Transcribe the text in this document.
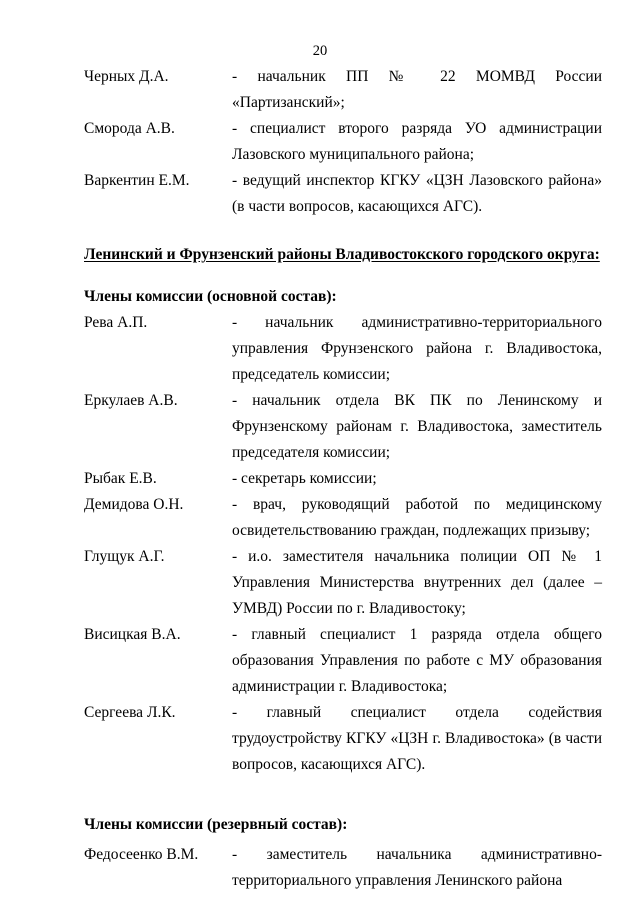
20
Черных Д.А.	- начальник ПП № 22 МОМВД России «Партизанский»;
Смородa А.В.	- специалист второго разряда УО администрации Лазовского муниципального района;
Варкентин Е.М.	- ведущий инспектор КГКУ «ЦЗН Лазовского района» (в части вопросов, касающихся АГС).
Ленинский и Фрунзенский районы Владивостокского городского округа:
Члены комиссии (основной состав):
Рева А.П.	- начальник административно-территориального управления Фрунзенского района г. Владивостока, председатель комиссии;
Еркулаев А.В.	- начальник отдела ВК ПК по Ленинскому и Фрунзенскому районам г. Владивостока, заместитель председателя комиссии;
Рыбак Е.В.	- секретарь комиссии;
Демидова О.Н.	- врач, руководящий работой по медицинскому освидетельствованию граждан, подлежащих призыву;
Глущук А.Г.	- и.о. заместителя начальника полиции ОП № 1 Управления Министерства внутренних дел (далее – УМВД) России по г. Владивостоку;
Висицкая В.А.	- главный специалист 1 разряда отдела общего образования Управления по работе с МУ образования администрации г. Владивостока;
Сергеева Л.К.	- главный специалист отдела содействия трудоустройству КГКУ «ЦЗН г. Владивостока» (в части вопросов, касающихся АГС).
Члены комиссии (резервный состав):
Федосеенко В.М.	- заместитель начальника административно-территориального управления Ленинского района
